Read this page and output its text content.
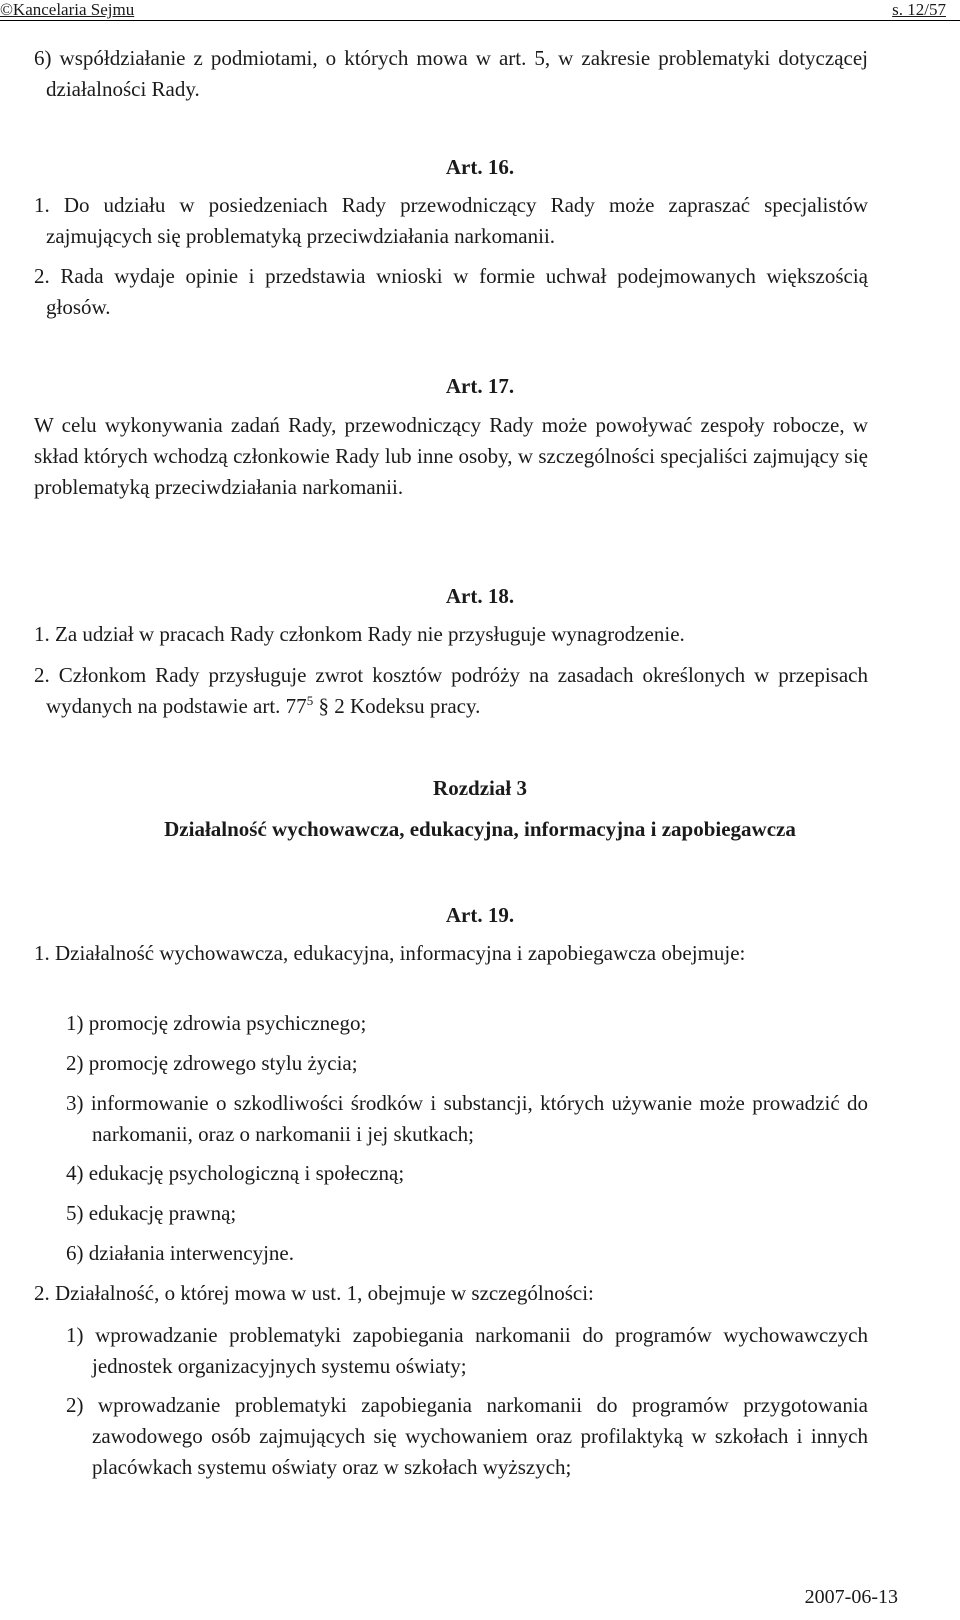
©Kancelaria Sejmu	s. 12/57
6) współdziałanie z podmiotami, o których mowa w art. 5, w zakresie problematyki dotyczącej działalności Rady.
Art. 16.
1. Do udziału w posiedzeniach Rady przewodniczący Rady może zapraszać specjalistów zajmujących się problematyką przeciwdziałania narkomanii.
2. Rada wydaje opinie i przedstawia wnioski w formie uchwał podejmowanych większością głosów.
Art. 17.
W celu wykonywania zadań Rady, przewodniczący Rady może powoływać zespoły robocze, w skład których wchodzą członkowie Rady lub inne osoby, w szczególności specjaliści zajmujący się problematyką przeciwdziałania narkomanii.
Art. 18.
1. Za udział w pracach Rady członkom Rady nie przysługuje wynagrodzenie.
2. Członkom Rady przysługuje zwrot kosztów podróży na zasadach określonych w przepisach wydanych na podstawie art. $77^5$ § 2 Kodeksu pracy.
Rozdział 3
Działalność wychowawcza, edukacyjna, informacyjna i zapobiegawcza
Art. 19.
1. Działalność wychowawcza, edukacyjna, informacyjna i zapobiegawcza obejmuje:
1) promocję zdrowia psychicznego;
2) promocję zdrowego stylu życia;
3) informowanie o szkodliwości środków i substancji, których używanie może prowadzić do narkomanii, oraz o narkomanii i jej skutkach;
4) edukację psychologiczną i społeczną;
5) edukację prawną;
6) działania interwencyjne.
2. Działalność, o której mowa w ust. 1, obejmuje w szczególności:
1) wprowadzanie problematyki zapobiegania narkomanii do programów wychowawczych jednostek organizacyjnych systemu oświaty;
2) wprowadzanie problematyki zapobiegania narkomanii do programów przygotowania zawodowego osób zajmujących się wychowaniem oraz profilaktyką w szkołach i innych placówkach systemu oświaty oraz w szkołach wyższych;
2007-06-13
